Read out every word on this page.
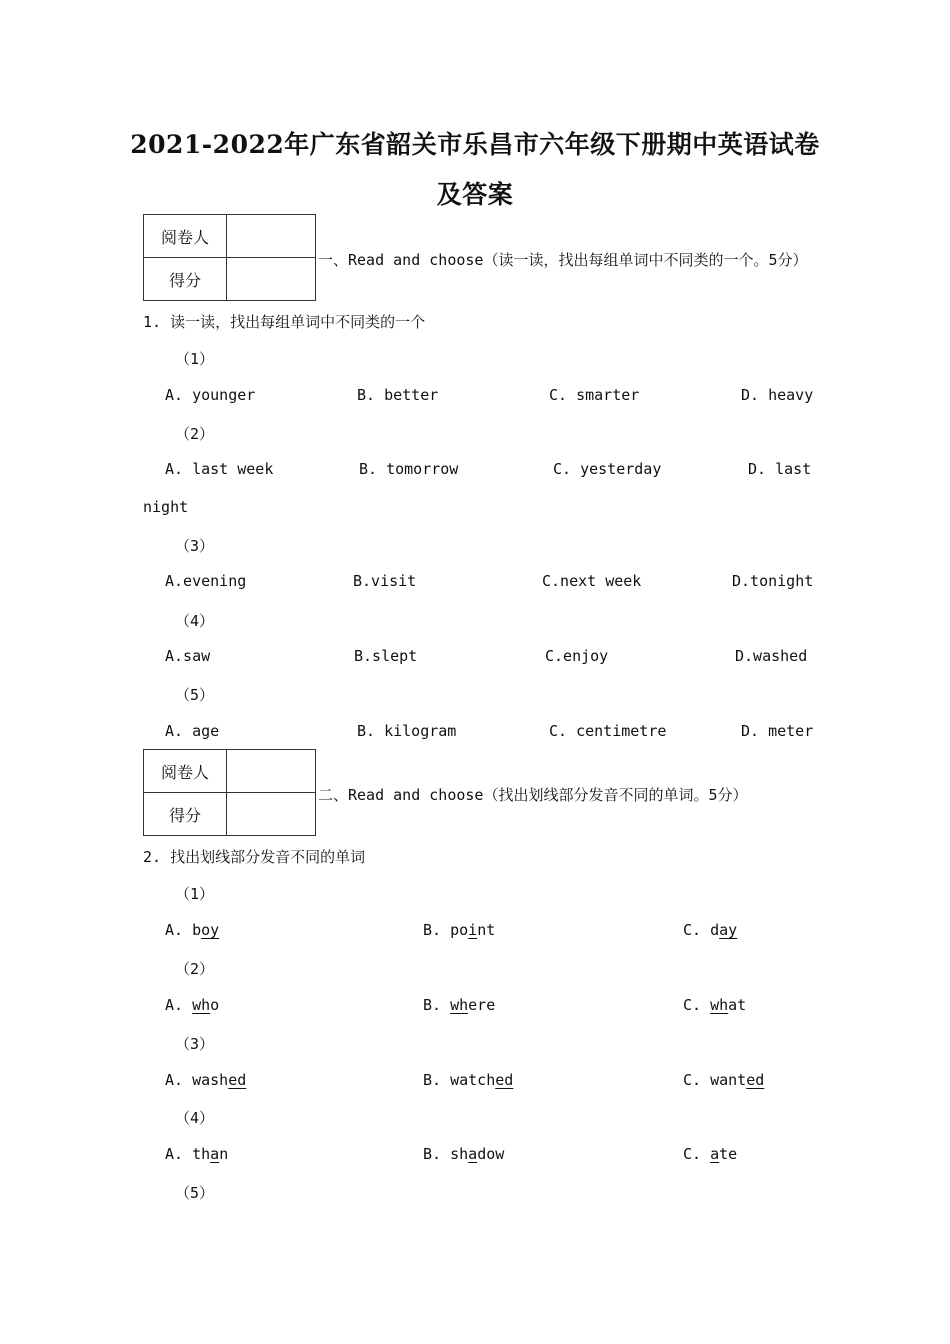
2021-2022年广东省韶关市乐昌市六年级下册期中英语试卷
及答案
阅卷人	
得分	
一、Read and choose（读一读，找出每组单词中不同类的一个。5分）
1. 读一读，找出每组单词中不同类的一个
（1）
A. younger	B. better	C. smarter	D. heavy
（2）
A. last week	B. tomorrow	C. yesterday	D. last
night
（3）
A.evening	B.visit	C.next week	D.tonight
（4）
A.saw	B.slept	C.enjoy	D.washed
（5）
A. age	B. kilogram	C. centimetre	D. meter
阅卷人	
得分	
二、Read and choose（找出划线部分发音不同的单词。5分）
2. 找出划线部分发音不同的单词
（1）
A. boy	B. point	C. day
（2）
A. who	B. where	C. what
（3）
A. washed	B. watched	C. wanted
（4）
A. than	B. shadow	C. ate
（5）
